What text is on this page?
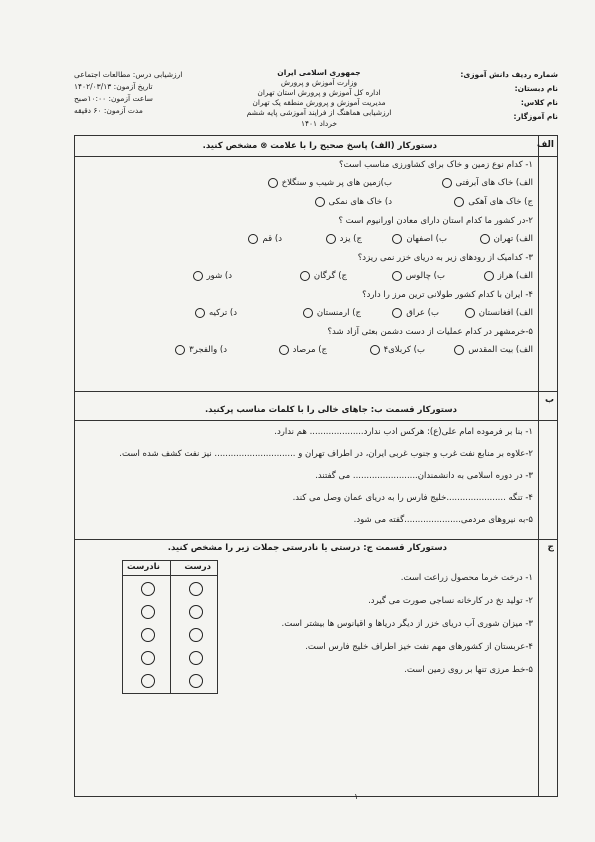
شماره ردیف دانش آموزی:
نام دبستان:
نام کلاس:
نام آموزگار:
جمهوری اسلامی ایران
وزارت آموزش و پرورش
اداره کل آموزش و پرورش استان تهران
مدیریت آموزش و پرورش منطقه یک تهران
ارزشیابی هماهنگ از فرایند آموزشی پایه ششم
خرداد ۱۴۰۱
ارزشیابی درس: مطالعات اجتماعی
تاریخ آزمون: ۱۴۰۲/۰۳/۱۳
ساعت آزمون: ۱۰:۰۰صبح
مدت آزمون: ۶۰ دقیقه
الف
دستورکار (الف) پاسخ صحیح را با علامت ⊗ مشخص کنید.
۱- کدام نوع زمین و خاک برای کشاورزی مناسب است؟
الف) خاک های آبرفتی
ب)زمین های پر شیب و سنگلاخ
ج) خاک های آهکی
د) خاک های نمکی
۲-در کشور ما کدام استان دارای معادن اورانیوم است ؟
الف) تهران
ب) اصفهان
ج) یزد
د) قم
۳- کدامیک از رودهای زیر به دریای خزر نمی ریزد؟
الف) هراز
ب) چالوس
ج) گرگان
د) شور
۴- ایران با کدام کشور طولانی ترین مرز را دارد؟
الف) افغانستان
ب) عراق
ج) ارمنستان
د) ترکیه
۵-خرمشهر در کدام عملیات از دست دشمن بعثی آزاد شد؟
الف) بیت المقدس
ب) کربلای۴
ج) مرصاد
د) والفجر۳
ب
دستورکار قسمت ب: جاهای خالی را با کلمات مناسب پرکنید.
۱- بنا بر فرموده امام علی(ع): هرکس ادب ندارد.................... هم ندارد.
۲-علاوه بر منابع نفت غرب و جنوب غربی ایران، در اطراف تهران و .............................. نیز نفت کشف شده است.
۳- در دوره اسلامی به دانشمندان........................ می گفتند.
۴- تنگه ......................خلیج فارس را به دریای عمان وصل می کند.
۵-به نیروهای مردمی.....................گفته می شود.
ج
دستورکار قسمت ج: درستی یا نادرستی جملات زیر را مشخص کنید.
۱- درخت خرما محصول زراعت است.
۲- تولید نخ در کارخانه نساجی صورت می گیرد.
۳- میزان شوری آب دریای خزر از دیگر دریاها و اقیانوس ها بیشتر است.
۴-عربستان از کشورهای مهم نفت خیز اطراف خلیج فارس است.
۵-خط مرزی تنها بر روی زمین است.
درست
نادرست
۱
